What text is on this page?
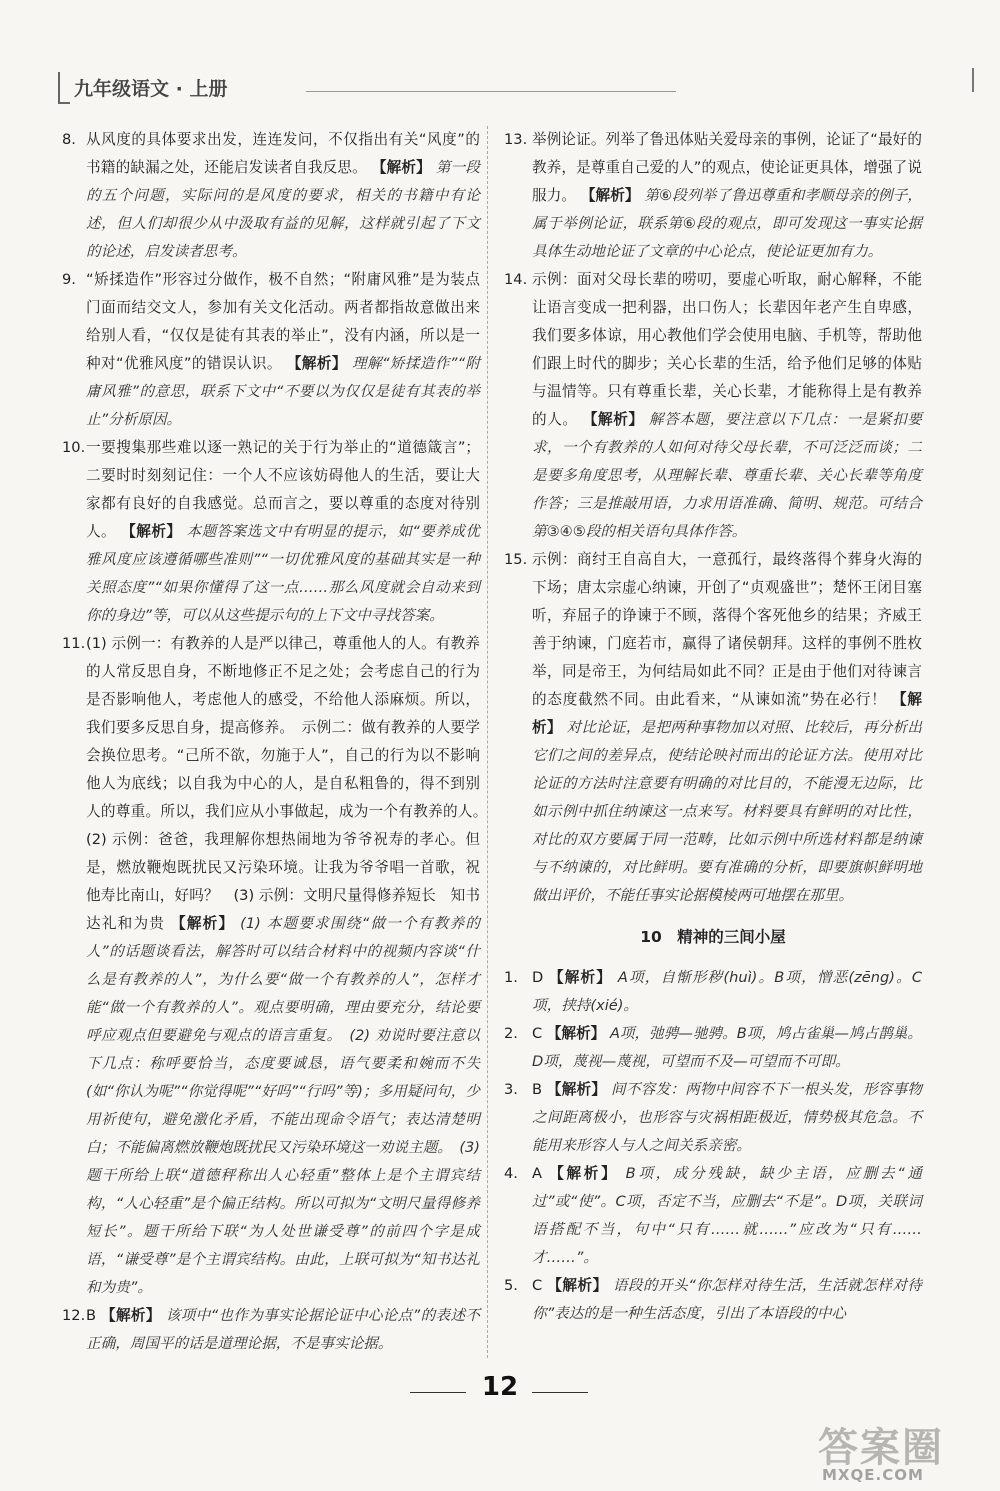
九年级语文 · 上册

8. 从风度的具体要求出发，连连发问，不仅指出有关“风度”的书籍的缺漏之处，还能启发读者自我反思。 【解析】 第一段的五个问题，实际问的是风度的要求，相关的书籍中有论述，但人们却很少从中汲取有益的见解，这样就引起了下文的论述，启发读者思考。

9. “矫揉造作”形容过分做作，极不自然；“附庸风雅”是为装点门面而结交文人，参加有关文化活动。两者都指故意做出来给别人看，“仅仅是徒有其表的举止”，没有内涵，所以是一种对“优雅风度”的错误认识。 【解析】 理解“矫揉造作”“附庸风雅”的意思，联系下文中“不要以为仅仅是徒有其表的举止”分析原因。

10. 一要搜集那些难以逐一熟记的关于行为举止的“道德箴言”；二要时时刻刻记住：一个人不应该妨碍他人的生活，要让大家都有良好的自我感觉。总而言之，要以尊重的态度对待别人。 【解析】 本题答案选文中有明显的提示，如“要养成优雅风度应该遵循哪些准则”“一切优雅风度的基础其实是一种关照态度”“如果你懂得了这一点……那么风度就会自动来到你的身边”等，可以从这些提示句的上下文中寻找答案。

11. (1) 示例一：有教养的人是严以律己，尊重他人的人。有教养的人常反思自身，不断地修正不足之处；会考虑自己的行为是否影响他人，考虑他人的感受，不给他人添麻烦。所以，我们要多反思自身，提高修养。　示例二：做有教养的人要学会换位思考。“己所不欲，勿施于人”，自己的行为以不影响他人为底线；以自我为中心的人，是自私粗鲁的，得不到别人的尊重。所以，我们应从小事做起，成为一个有教养的人。　(2) 示例：爸爸，我理解你想热闹地为爷爷祝寿的孝心。但是，燃放鞭炮既扰民又污染环境。让我为爷爷唱一首歌，祝他寿比南山，好吗？　(3) 示例：文明尺量得修养短长　知书达礼和为贵 【解析】 (1) 本题要求围绕“做一个有教养的人”的话题谈看法，解答时可以结合材料中的视频内容谈“什么是有教养的人”，为什么要“做一个有教养的人”，怎样才能“做一个有教养的人”。观点要明确，理由要充分，结论要呼应观点但要避免与观点的语言重复。　(2) 劝说时要注意以下几点：称呼要恰当，态度要诚恳，语气要柔和婉而不失(如“你认为呢”“你觉得呢”“好吗”“行吗”等)；多用疑问句，少用祈使句，避免激化矛盾，不能出现命令语气；表达清楚明白；不能偏离燃放鞭炮既扰民又污染环境这一劝说主题。　(3) 题干所给上联“道德秤称出人心轻重”整体上是个主谓宾结构，“人心轻重”是个偏正结构。所以可拟为“文明尺量得修养短长”。题干所给下联“为人处世谦受尊”的前四个字是成语，“谦受尊”是个主谓宾结构。由此，上联可拟为“知书达礼和为贵”。

12. B 【解析】 该项中“也作为事实论据论证中心论点”的表述不正确，周国平的话是道理论据，不是事实论据。

13. 举例论证。列举了鲁迅体贴关爱母亲的事例，论证了“最好的教养，是尊重自己爱的人”的观点，使论证更具体，增强了说服力。 【解析】 第⑥段列举了鲁迅尊重和孝顺母亲的例子，属于举例论证，联系第⑥段的观点，即可发现这一事实论据具体生动地论证了文章的中心论点，使论证更加有力。

14. 示例：面对父母长辈的唠叨，要虚心听取，耐心解释，不能让语言变成一把利器，出口伤人；长辈因年老产生自卑感，我们要多体谅，用心教他们学会使用电脑、手机等，帮助他们跟上时代的脚步；关心长辈的生活，给予他们足够的体贴与温情等。只有尊重长辈，关心长辈，才能称得上是有教养的人。 【解析】 解答本题，要注意以下几点：一是紧扣要求，一个有教养的人如何对待父母长辈，不可泛泛而谈；二是要多角度思考，从理解长辈、尊重长辈、关心长辈等角度作答；三是推敲用语，力求用语准确、简明、规范。可结合第③④⑤段的相关语句具体作答。

15. 示例：商纣王自高自大，一意孤行，最终落得个葬身火海的下场；唐太宗虚心纳谏，开创了“贞观盛世”；楚怀王闭目塞听，弃屈子的诤谏于不顾，落得个客死他乡的结果；齐威王善于纳谏，门庭若市，赢得了诸侯朝拜。这样的事例不胜枚举，同是帝王，为何结局如此不同？正是由于他们对待谏言的态度截然不同。由此看来，“从谏如流”势在必行！ 【解析】 对比论证，是把两种事物加以对照、比较后，再分析出它们之间的差异点，使结论映衬而出的论证方法。使用对比论证的方法时注意要有明确的对比目的，不能漫无边际，比如示例中抓住纳谏这一点来写。材料要具有鲜明的对比性，对比的双方要属于同一范畴，比如示例中所选材料都是纳谏与不纳谏的，对比鲜明。要有准确的分析，即要旗帜鲜明地做出评价，不能任事实论据模棱两可地摆在那里。

10　精神的三间小屋

1. D 【解析】 A项，自惭形秽(huì)。B项，憎恶(zēng)。C项，挟持(xié)。

2. C 【解析】 A项，弛骋—驰骋。B项，鸠占雀巢—鸠占鹊巢。D项，蔑视—蔑视，可望而不及—可望而不可即。

3. B 【解析】 间不容发：两物中间容不下一根头发，形容事物之间距离极小，也形容与灾祸相距极近，情势极其危急。不能用来形容人与人之间关系亲密。

4. A 【解析】 B项，成分残缺，缺少主语，应删去“通过”或“使”。C项，否定不当，应删去“不是”。D项，关联词语搭配不当，句中“只有……就……”应改为“只有……才……”。

5. C 【解析】 语段的开头“你怎样对待生活，生活就怎样对待你”表达的是一种生活态度，引出了本语段的中心

12
答案圈
MXQE.COM
